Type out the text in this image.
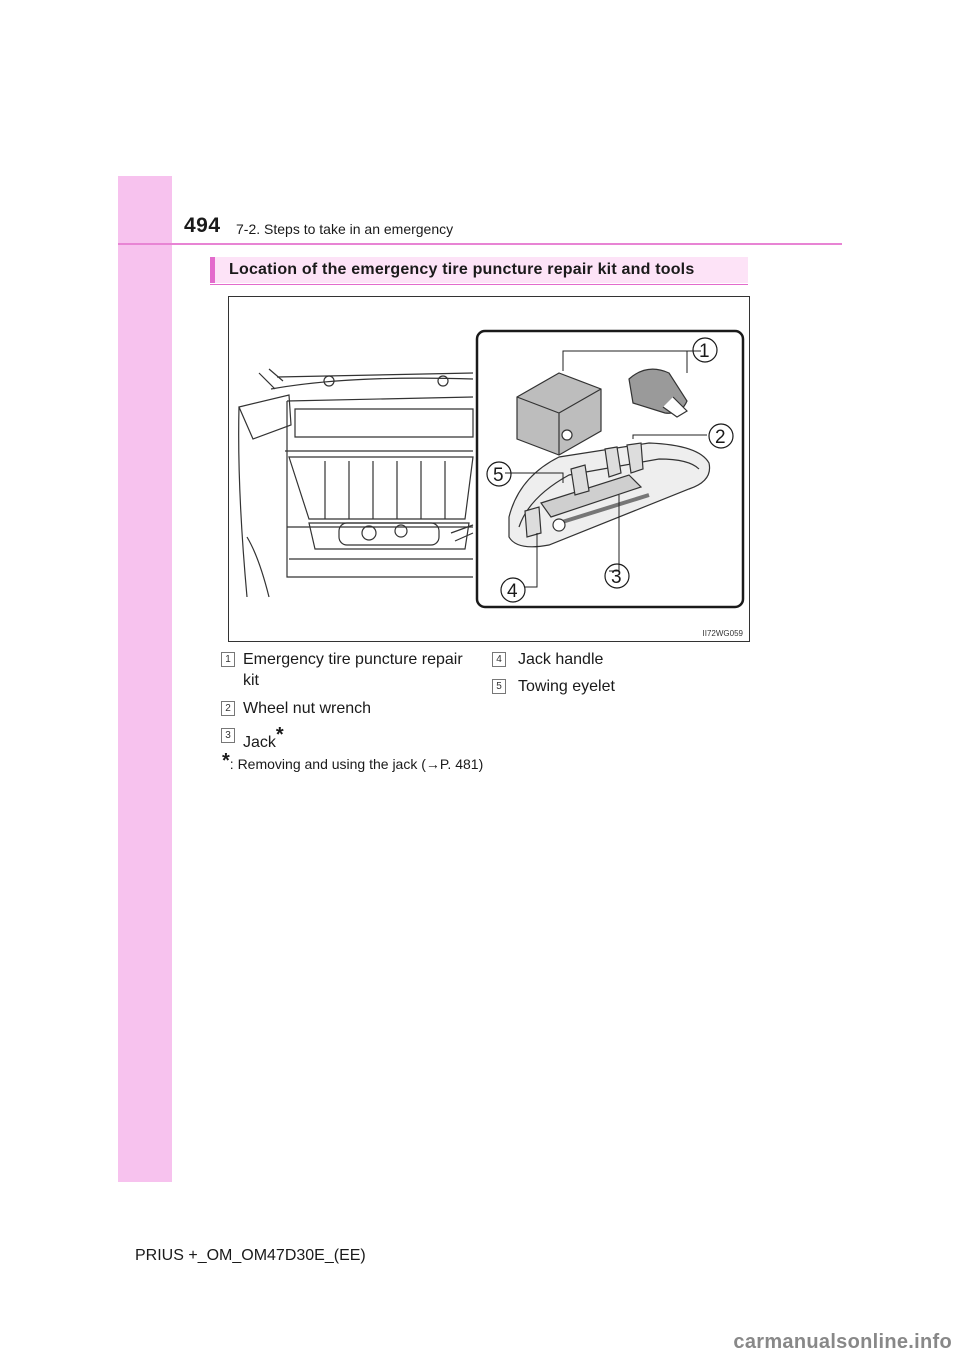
494 7-2. Steps to take in an emergency
Location of the emergency tire puncture repair kit and tools
1
2
3
4
5
II72WG059
1 Emergency tire puncture repair
kit
2 Wheel nut wrench
3 Jack*
4 Jack handle
5 Towing eyelet
*: Removing and using the jack (→P. 481)
PRIUS +_OM_OM47D30E_(EE)
carmanualsonline.info
